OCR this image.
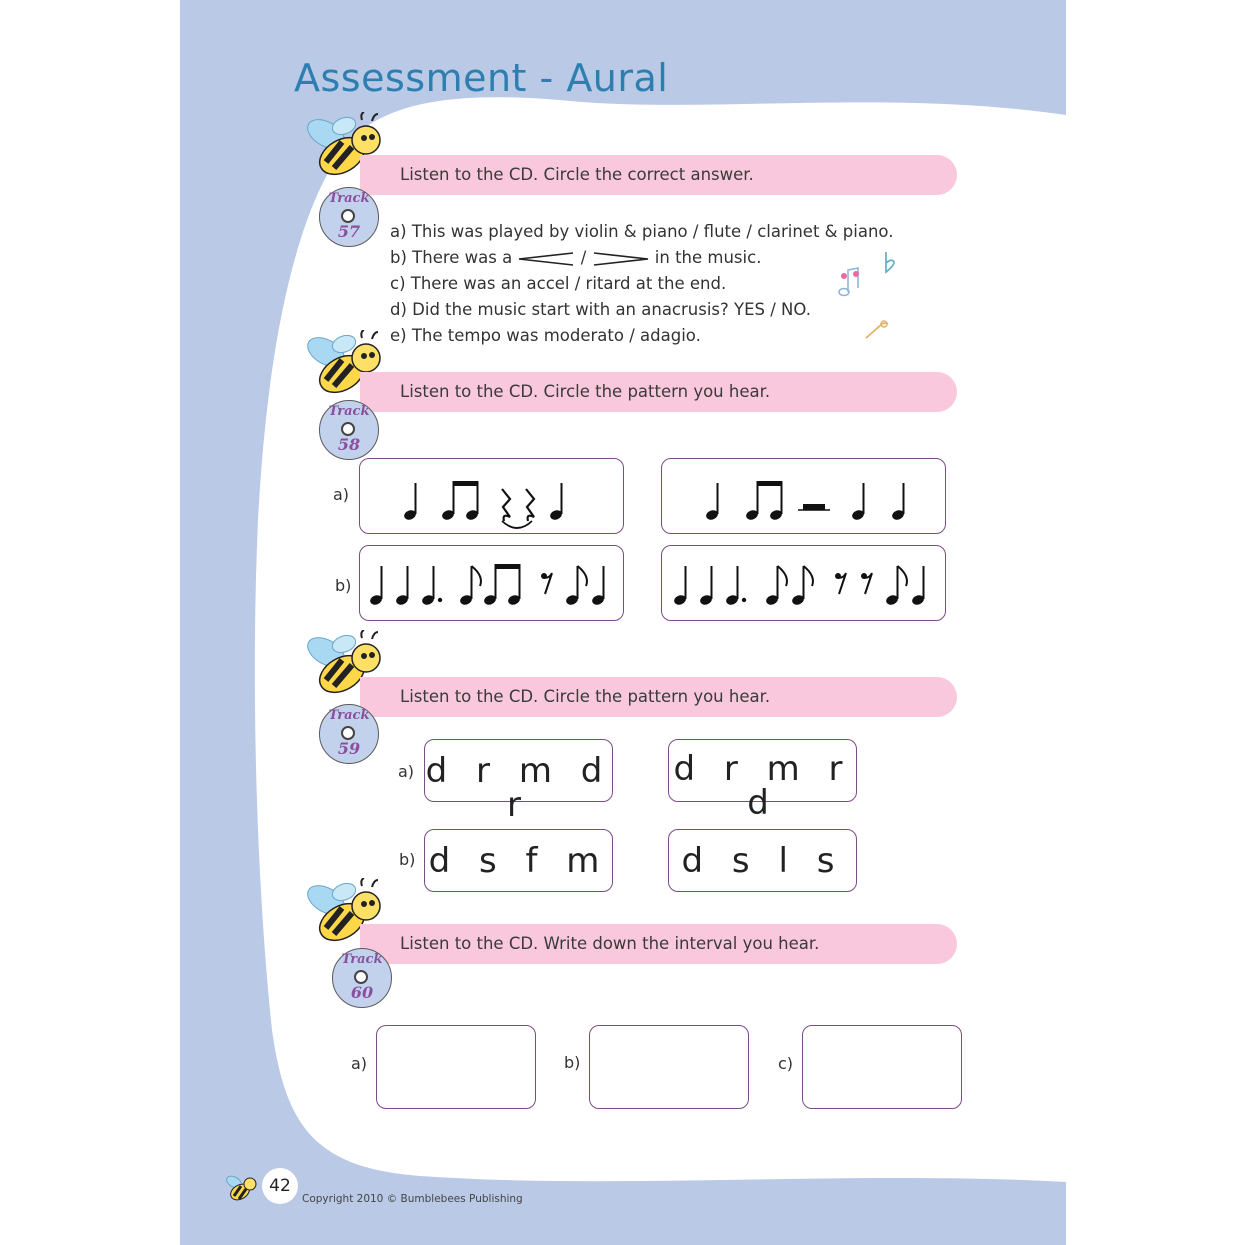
Assessment - Aural
Listen to the CD. Circle the correct answer.
Track
57	a) This was played by violin & piano / flute / clarinet & piano.
b) There was a	/	in the music.
c) There was an accel / ritard at the end.
d) Did the music start with an anacrusis? YES / NO.
e) The tempo was moderato / adagio.
Listen to the CD. Circle the pattern you hear.
Track
58
a)
b)
Listen to the CD. Circle the pattern you hear.
Track
59
a)
b)
d r m d r
d r m r d
d s f m	d s l s
Listen to the CD. Write down the interval you hear.
Track
60
a)	b)	c)
42
Copyright 2010 © Bumblebees Publishing
